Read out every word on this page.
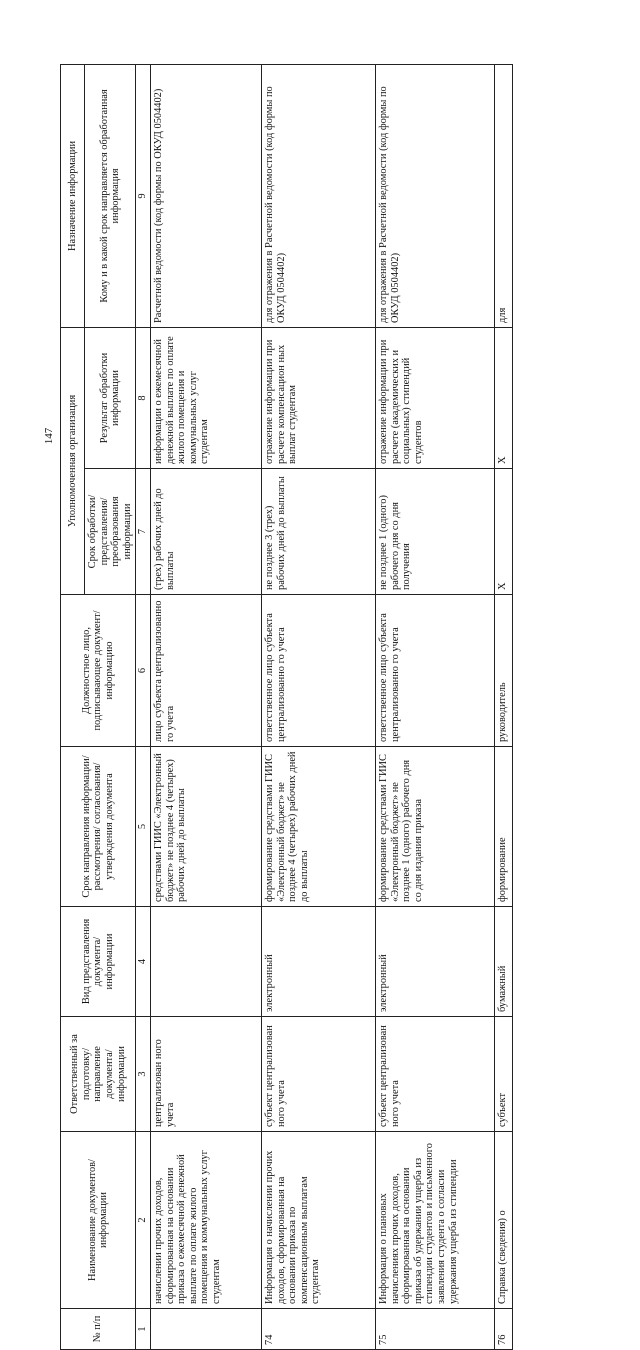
147
№ п/п	Наименование документов/ информации	Ответственный за подготовку/ направление документа/ информации	Вид представления документа/ информации	Срок направления информации/ рассмотрения/ согласования/ утверждения документа	Должностное лицо, подписывающее документ/ информацию	Уполномоченная организация		Назначение информации
						Срок обработки/ представления/ преобразования информации	Результат обработки информации	Кому и в какой срок направляется обработанная информация
1	2	3	4	5	6	7	8	9
	начислении прочих доходов, сформированная на основании приказа о ежемесячной денежной выплате по оплате жилого помещения и коммунальных услуг студентам	централизован ного учета		средствами ГИИС «Электронный бюджет» не позднее 4 (четырех) рабочих дней до выплаты	лицо субъекта централизованно го учета	(трех) рабочих дней до выплаты	информации о ежемесячной денежной выплате по оплате жилого помещения и коммунальных услуг студентам	Расчетной ведомости (код формы по ОКУД 0504402)
74	Информация о начислении прочих доходов, сформированная на основании приказа по компенсационным выплатам студентам	субъект централизован ного учета	электронный	формирование средствами ГИИС «Электронный бюджет» не позднее 4 (четырех) рабочих дней до выплаты	ответственное лицо субъекта централизованно го учета	не позднее 3 (трех) рабочих дней до выплаты	отражение информации при расчете компенсацион ных выплат студентам	для отражения в Расчетной ведомости (код формы по ОКУД 0504402)
75	Информация о плановых начислениях прочих доходов, сформированная на основании приказа об удержании ущерба из стипендии студентов и письменного заявления студента о согласии удержания ущерба из стипендии	субъект централизован ного учета	электронный	формирование средствами ГИИС «Электронный бюджет» не позднее 1 (одного) рабочего дня со дня издания приказа	ответственное лицо субъекта централизованно го учета	не позднее 1 (одного) рабочего дня со дня получения	отражение информации при расчете (академических и социальных) стипендий студентов	для отражения в Расчетной ведомости (код формы по ОКУД 0504402)
76	Справка (сведения) о	субъект	бумажный	формирование	руководитель	X	X	для
